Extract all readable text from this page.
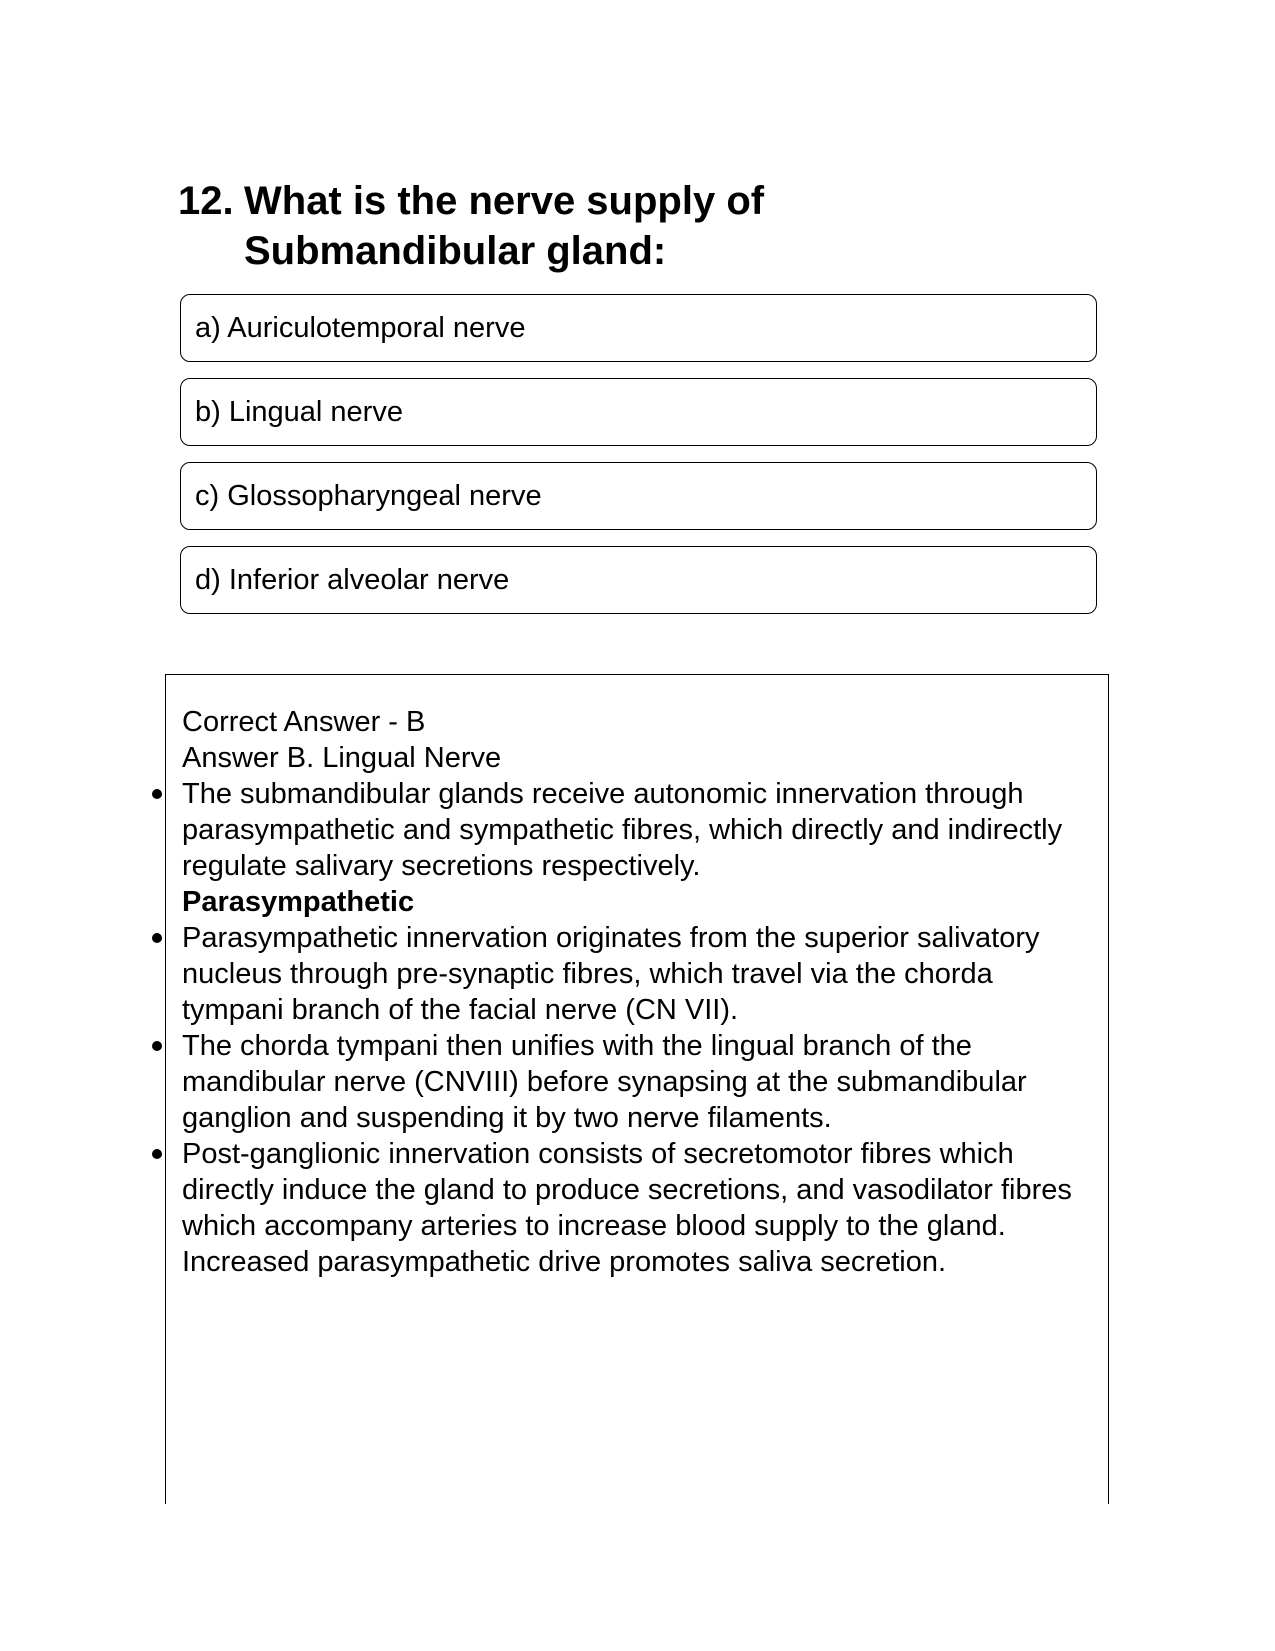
12. What is the nerve supply of Submandibular gland:
a) Auriculotemporal nerve
b) Lingual nerve
c) Glossopharyngeal nerve
d) Inferior alveolar nerve
Correct Answer - B
Answer B. Lingual Nerve
The submandibular glands receive autonomic innervation through parasympathetic and sympathetic fibres, which directly and indirectly regulate salivary secretions respectively.
Parasympathetic
Parasympathetic innervation originates from the superior salivatory nucleus through pre-synaptic fibres, which travel via the chorda tympani branch of the facial nerve (CN VII).
The chorda tympani then unifies with the lingual branch of the mandibular nerve (CNVIII) before synapsing at the submandibular ganglion and suspending it by two nerve filaments.
Post-ganglionic innervation consists of secretomotor fibres which directly induce the gland to produce secretions, and vasodilator fibres which accompany arteries to increase blood supply to the gland. Increased parasympathetic drive promotes saliva secretion.
